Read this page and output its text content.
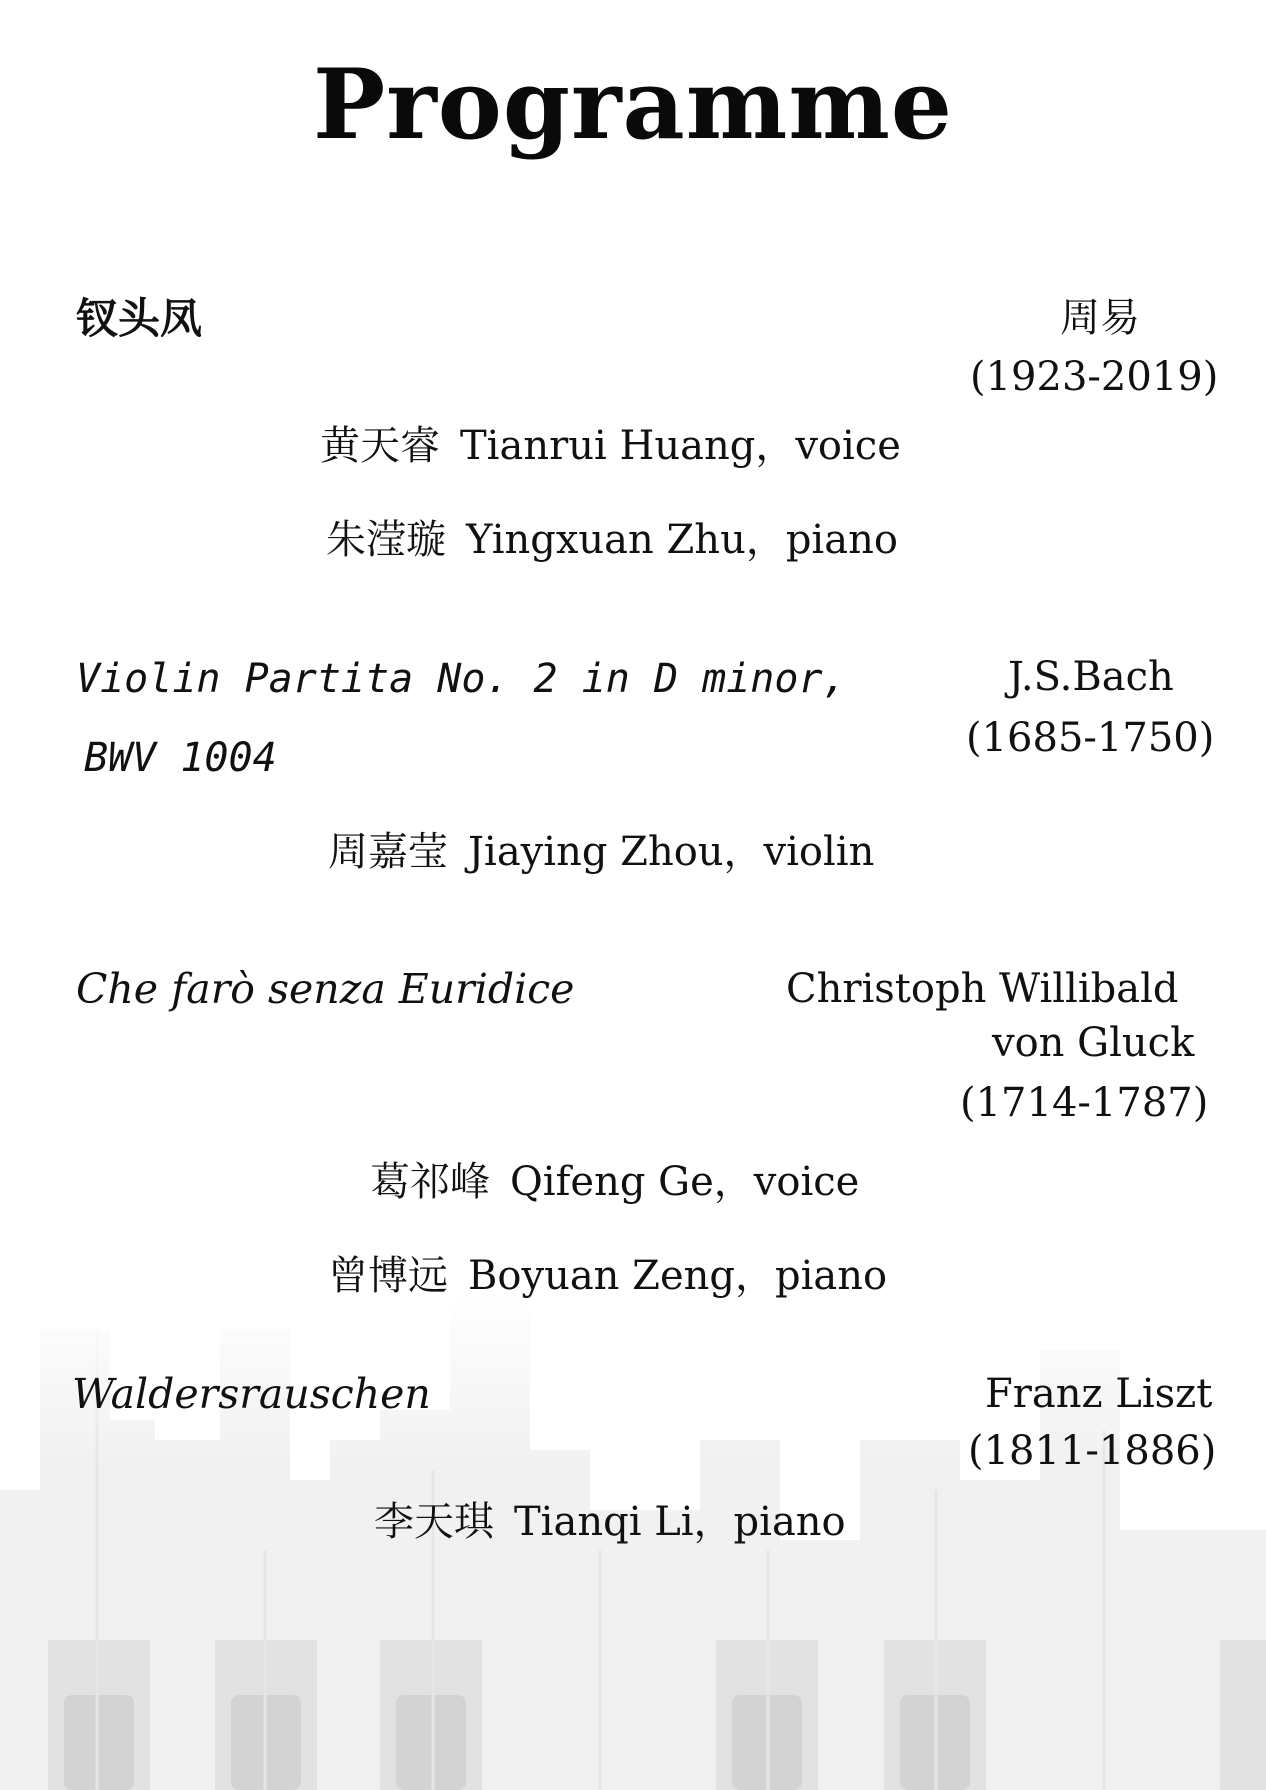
Programme
钗头凤	周易
(1923-2019)
黄天睿 Tianrui Huang，voice
朱滢璇 Yingxuan Zhu，piano
Violin Partita No. 2 in D minor,
BWV 1004
J.S.Bach
(1685-1750)
周嘉莹 Jiaying Zhou，violin
Che farò senza Euridice	Christoph Willibald
von Gluck
(1714-1787)
葛祁峰 Qifeng Ge，voice
曾博远 Boyuan Zeng，piano
Waldersrauschen	Franz Liszt
(1811-1886)
李天琪 Tianqi Li，piano
